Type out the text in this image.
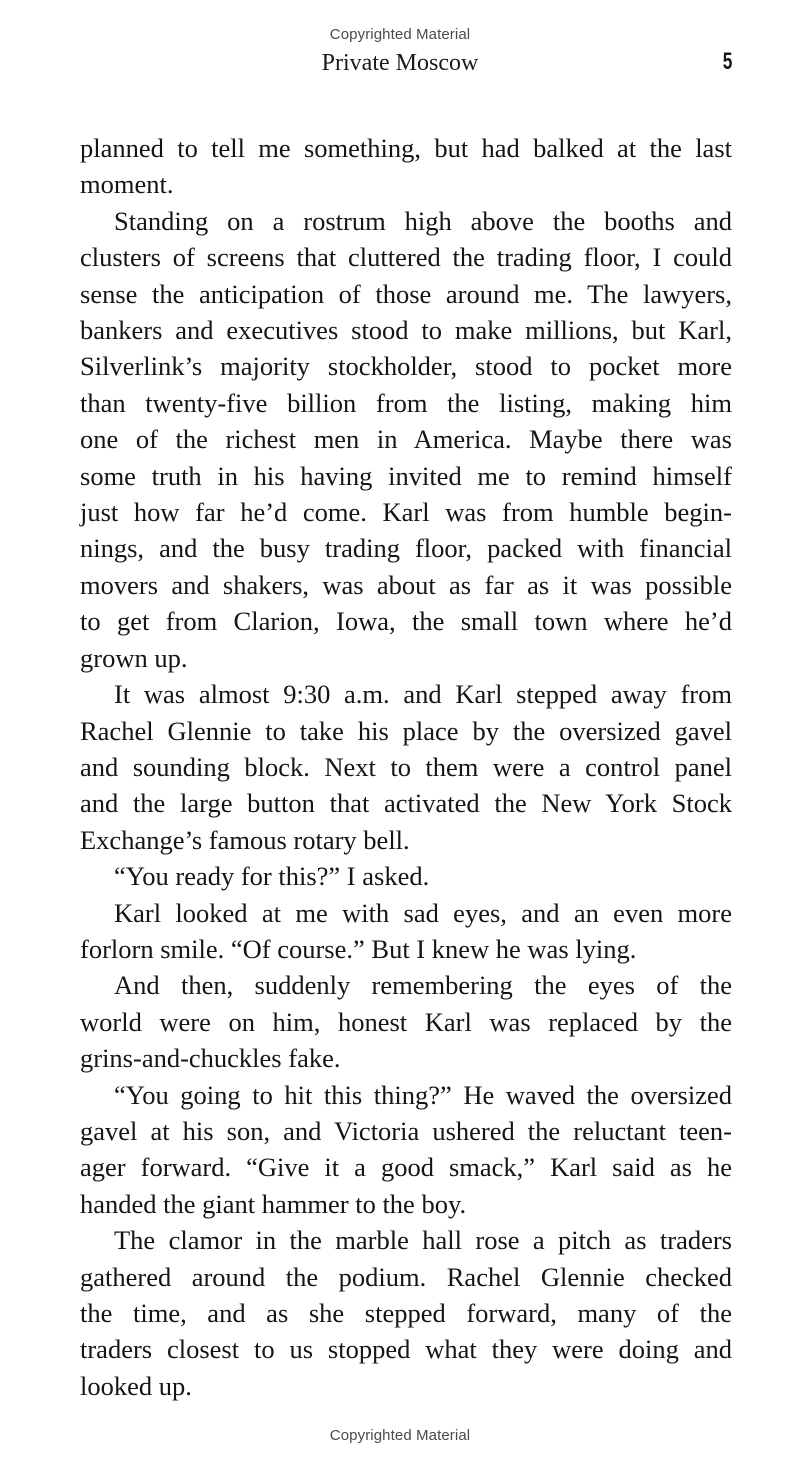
Copyrighted Material
Private Moscow	5

planned to tell me something, but had balked at the last

moment.

Standing on a rostrum high above the booths and

clusters of screens that cluttered the trading floor, I could

sense the anticipation of those around me. The lawyers,

bankers and executives stood to make millions, but Karl,

Silverlink’s majority stockholder, stood to pocket more

than twenty-five billion from the listing, making him

one of the richest men in America. Maybe there was

some truth in his having invited me to remind himself

just how far he’d come. Karl was from humble begin-

nings, and the busy trading floor, packed with financial

movers and shakers, was about as far as it was possible

to get from Clarion, Iowa, the small town where he’d

grown up.

It was almost 9:30 a.m. and Karl stepped away from

Rachel Glennie to take his place by the oversized gavel

and sounding block. Next to them were a control panel

and the large button that activated the New York Stock

Exchange’s famous rotary bell.

“You ready for this?” I asked.

Karl looked at me with sad eyes, and an even more

forlorn smile. “Of course.” But I knew he was lying.

And then, suddenly remembering the eyes of the

world were on him, honest Karl was replaced by the

grins-and-chuckles fake.

“You going to hit this thing?” He waved the oversized

gavel at his son, and Victoria ushered the reluctant teen-

ager forward. “Give it a good smack,” Karl said as he

handed the giant hammer to the boy.

The clamor in the marble hall rose a pitch as traders

gathered around the podium. Rachel Glennie checked

the time, and as she stepped forward, many of the

traders closest to us stopped what they were doing and

looked up.

Copyrighted Material
